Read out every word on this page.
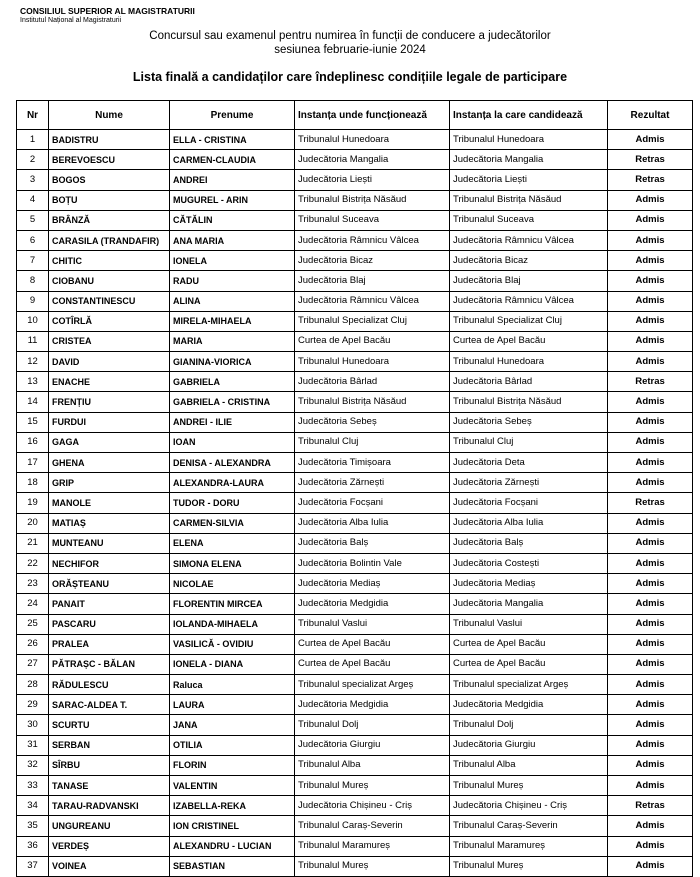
CONSILIUL SUPERIOR AL MAGISTRATURII
Institutul Național al Magistraturii
Concursul sau examenul pentru numirea în funcții de conducere a judecătorilor
sesiunea februarie-iunie 2024
Lista finală a candidaților care îndeplinesc condițiile legale de participare
Nr	Nume	Prenume	Instanța unde funcționează	Instanța la care candidează	Rezultat
1	BADISTRU	ELLA - CRISTINA	Tribunalul Hunedoara	Tribunalul Hunedoara	Admis
2	BEREVOESCU	CARMEN-CLAUDIA	Judecătoria Mangalia	Judecătoria Mangalia	Retras
3	BOGOS	ANDREI	Judecătoria Liești	Judecătoria Liești	Retras
4	BOȚU	MUGUREL - ARIN	Tribunalul Bistrița Năsăud	Tribunalul Bistrița Năsăud	Admis
5	BRÂNZĂ	CĂTĂLIN	Tribunalul Suceava	Tribunalul Suceava	Admis
6	CARASILA (TRANDAFIR)	ANA MARIA	Judecătoria Râmnicu Vâlcea	Judecătoria Râmnicu Vâlcea	Admis
7	CHITIC	IONELA	Judecătoria Bicaz	Judecătoria Bicaz	Admis
8	CIOBANU	RADU	Judecătoria Blaj	Judecătoria Blaj	Admis
9	CONSTANTINESCU	ALINA	Judecătoria Râmnicu Vâlcea	Judecătoria Râmnicu Vâlcea	Admis
10	COTÎRLĂ	MIRELA-MIHAELA	Tribunalul Specializat Cluj	Tribunalul Specializat Cluj	Admis
11	CRISTEA	MARIA	Curtea de Apel Bacău	Curtea de Apel Bacău	Admis
12	DAVID	GIANINA-VIORICA	Tribunalul Hunedoara	Tribunalul Hunedoara	Admis
13	ENACHE	GABRIELA	Judecătoria Bârlad	Judecătoria Bârlad	Retras
14	FRENȚIU	GABRIELA - CRISTINA	Tribunalul Bistrița Năsăud	Tribunalul Bistrița Năsăud	Admis
15	FURDUI	ANDREI - ILIE	Judecătoria Sebeș	Judecătoria Sebeș	Admis
16	GAGA	IOAN	Tribunalul Cluj	Tribunalul Cluj	Admis
17	GHENA	DENISA - ALEXANDRA	Judecătoria Timișoara	Judecătoria Deta	Admis
18	GRIP	ALEXANDRA-LAURA	Judecătoria Zărnești	Judecătoria Zărnești	Admis
19	MANOLE	TUDOR - DORU	Judecătoria Focșani	Judecătoria Focșani	Retras
20	MATIAȘ	CARMEN-SILVIA	Judecătoria Alba Iulia	Judecătoria Alba Iulia	Admis
21	MUNTEANU	ELENA	Judecătoria Balș	Judecătoria Balș	Admis
22	NECHIFOR	SIMONA ELENA	Judecătoria Bolintin Vale	Judecătoria Costești	Admis
23	ORĂȘTEANU	NICOLAE	Judecătoria Mediaș	Judecătoria Mediaș	Admis
24	PANAIT	FLORENTIN MIRCEA	Judecătoria Medgidia	Judecătoria Mangalia	Admis
25	PASCARU	IOLANDA-MIHAELA	Tribunalul Vaslui	Tribunalul Vaslui	Admis
26	PRALEA	VASILICĂ - OVIDIU	Curtea de Apel Bacău	Curtea de Apel Bacău	Admis
27	PĂTRAȘC - BĂLAN	IONELA - DIANA	Curtea de Apel Bacău	Curtea de Apel Bacău	Admis
28	RĂDULESCU	Raluca	Tribunalul specializat Argeș	Tribunalul specializat Argeș	Admis
29	SARAC-ALDEA T.	LAURA	Judecătoria Medgidia	Judecătoria Medgidia	Admis
30	SCURTU	JANA	Tribunalul Dolj	Tribunalul Dolj	Admis
31	SERBAN	OTILIA	Judecătoria Giurgiu	Judecătoria Giurgiu	Admis
32	SÎRBU	FLORIN	Tribunalul Alba	Tribunalul Alba	Admis
33	TANASE	VALENTIN	Tribunalul Mureș	Tribunalul Mureș	Admis
34	TARAU-RADVANSKI	IZABELLA-REKA	Judecătoria Chișineu - Criș	Judecătoria Chișineu - Criș	Retras
35	UNGUREANU	ION CRISTINEL	Tribunalul Caraș-Severin	Tribunalul Caraș-Severin	Admis
36	VERDEȘ	ALEXANDRU - LUCIAN	Tribunalul Maramureș	Tribunalul Maramureș	Admis
37	VOINEA	SEBASTIAN	Tribunalul Mureș	Tribunalul Mureș	Admis
